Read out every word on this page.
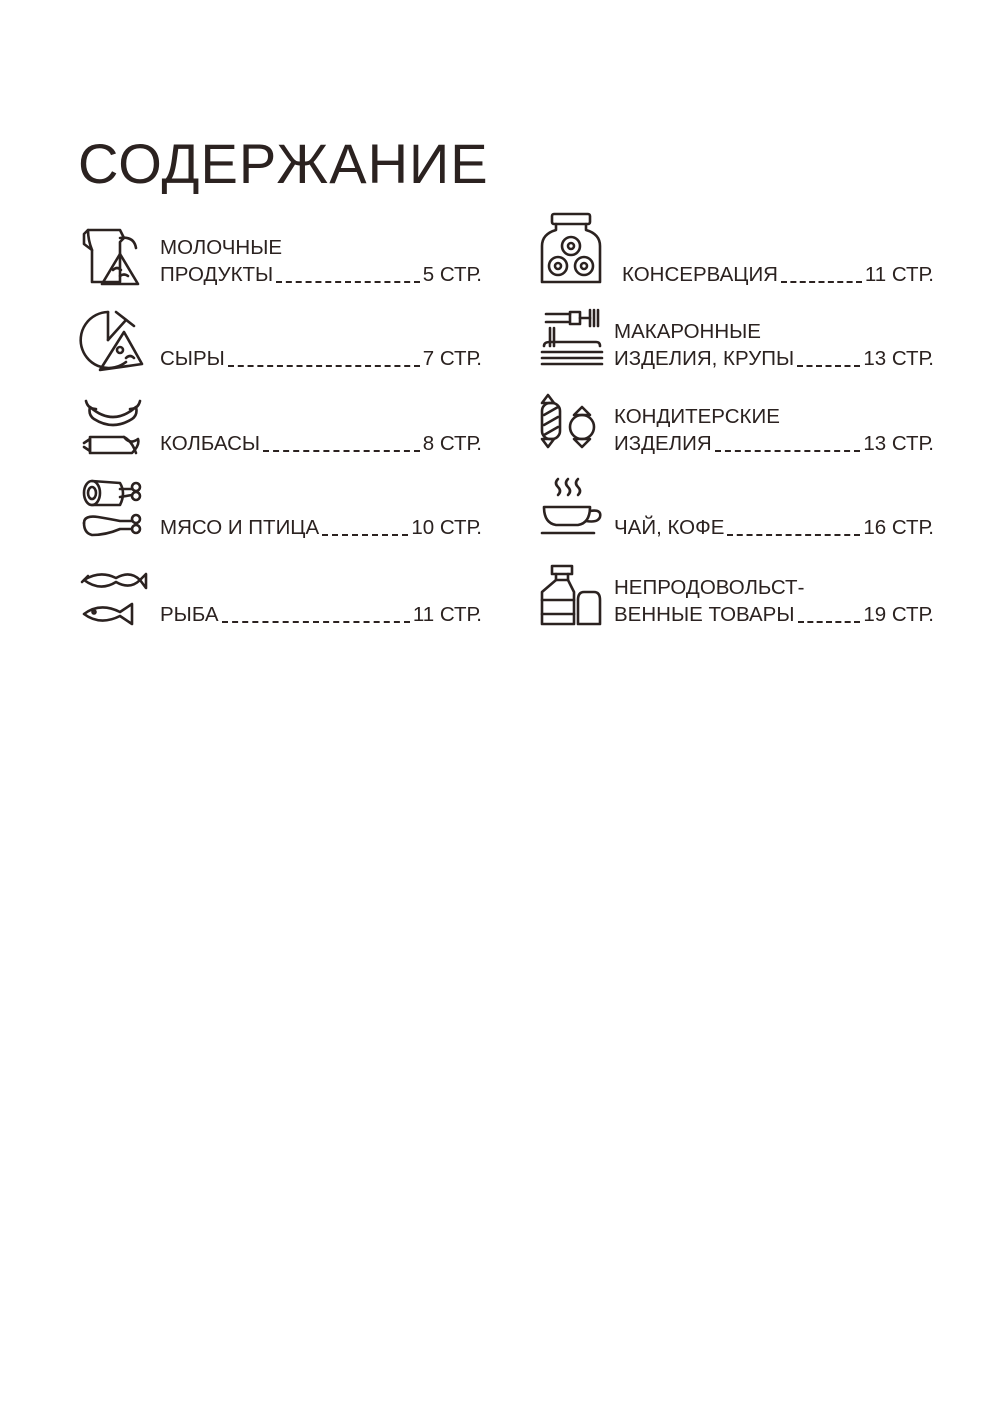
СОДЕРЖАНИЕ
МОЛОЧНЫЕ
ПРОДУКТЫ	5 СТР.
СЫРЫ	7 СТР.
КОЛБАСЫ	8 СТР.
МЯСО И ПТИЦА	10 СТР.
РЫБА	11 СТР.
КОНСЕРВАЦИЯ	11 СТР.
МАКАРОННЫЕ
ИЗДЕЛИЯ, КРУПЫ	13 СТР.
КОНДИТЕРСКИЕ
ИЗДЕЛИЯ	13 СТР.
ЧАЙ, КОФЕ	16 СТР.
НЕПРОДОВОЛЬСТ-
ВЕННЫЕ ТОВАРЫ	19 СТР.
